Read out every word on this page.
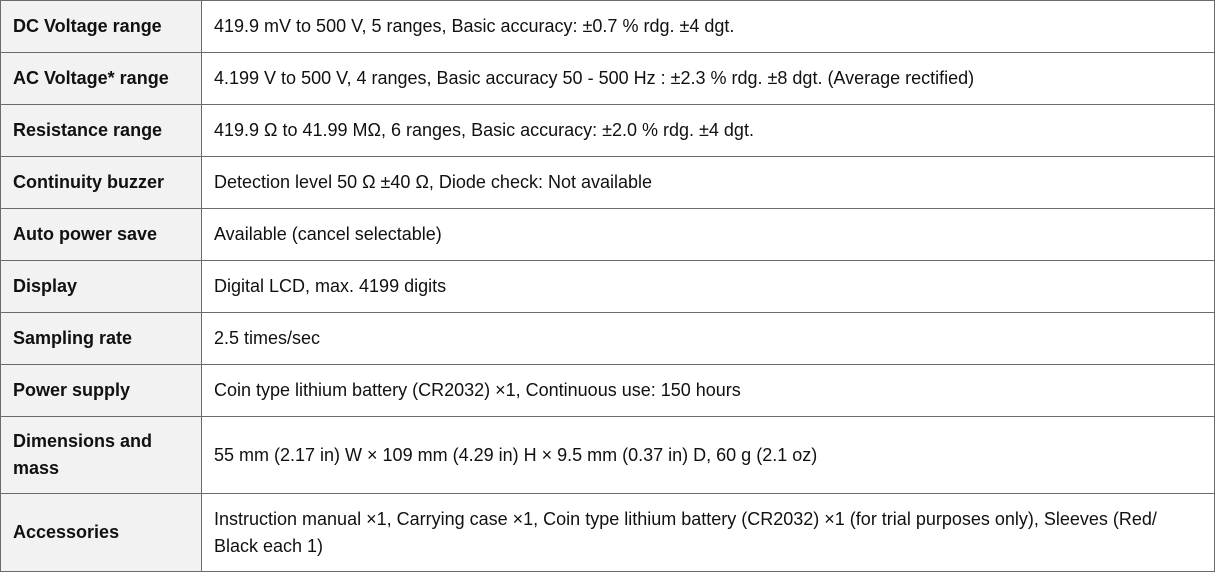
DC Voltage range	419.9 mV to 500 V, 5 ranges, Basic accuracy: ±0.7 % rdg. ±4 dgt.
AC Voltage* range	4.199 V to 500 V, 4 ranges, Basic accuracy 50 - 500 Hz : ±2.3 % rdg. ±8 dgt. (Average rectified)
Resistance range	419.9 Ω to 41.99 MΩ, 6 ranges, Basic accuracy: ±2.0 % rdg. ±4 dgt.
Continuity buzzer	Detection level 50 Ω ±40 Ω, Diode check: Not available
Auto power save	Available (cancel selectable)
Display	Digital LCD, max. 4199 digits
Sampling rate	2.5 times/sec
Power supply	Coin type lithium battery (CR2032) ×1, Continuous use: 150 hours
Dimensions and mass	55 mm (2.17 in) W × 109 mm (4.29 in) H × 9.5 mm (0.37 in) D, 60 g (2.1 oz)
Accessories	Instruction manual ×1, Carrying case ×1, Coin type lithium battery (CR2032) ×1 (for trial purposes only), Sleeves (Red/ Black each 1)
